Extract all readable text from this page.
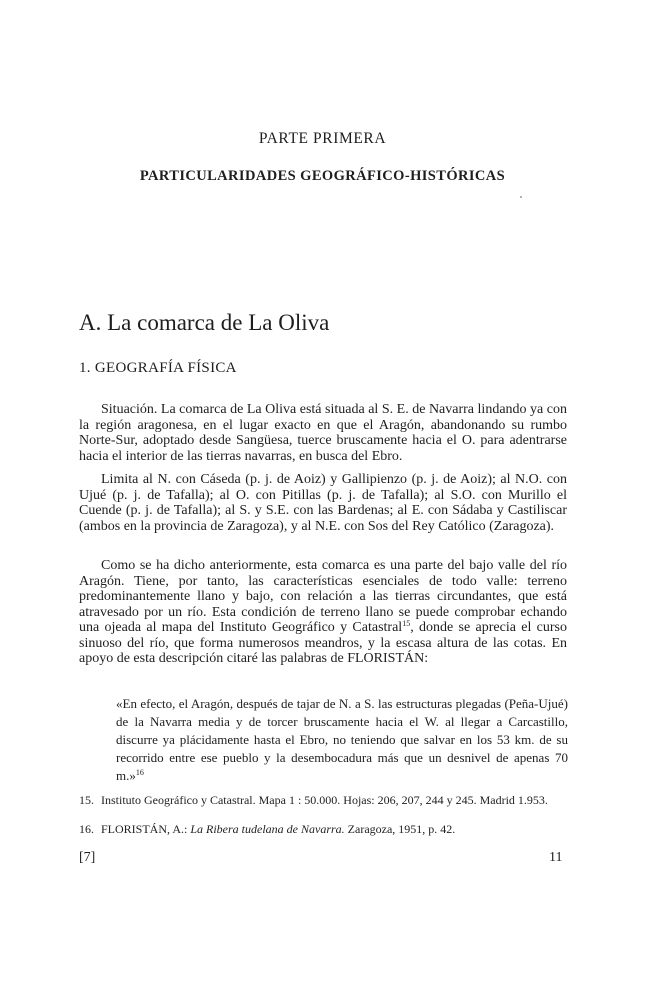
PARTE PRIMERA
PARTICULARIDADES GEOGRÁFICO-HISTÓRICAS
A. La comarca de La Oliva
1. GEOGRAFÍA FÍSICA

Situación. La comarca de La Oliva está situada al S. E. de Navarra lindando ya con la región aragonesa, en el lugar exacto en que el Aragón, abandonando su rumbo Norte-Sur, adoptado desde Sangüesa, tuerce bruscamente hacia el O. para adentrarse hacia el interior de las tierras navarras, en busca del Ebro.

Limita al N. con Cáseda (p. j. de Aoiz) y Gallipienzo (p. j. de Aoiz); al N.O. con Ujué (p. j. de Tafalla); al O. con Pitillas (p. j. de Tafalla); al S.O. con Murillo el Cuende (p. j. de Tafalla); al S. y S.E. con las Bardenas; al E. con Sádaba y Castiliscar (ambos en la provincia de Zaragoza), y al N.E. con Sos del Rey Católico (Zaragoza).

Como se ha dicho anteriormente, esta comarca es una parte del bajo valle del río Aragón. Tiene, por tanto, las características esenciales de todo valle: terreno predominantemente llano y bajo, con relación a las tierras circundantes, que está atravesado por un río. Esta condición de terreno llano se puede comprobar echando una ojeada al mapa del Instituto Geográfico y Catastral$^{15}$, donde se aprecia el curso sinuoso del río, que forma numerosos meandros, y la escasa altura de las cotas. En apoyo de esta descripción citaré las palabras de FLORISTÁN:

«En efecto, el Aragón, después de tajar de N. a S. las estructuras plegadas (Peña-Ujué) de la Navarra media y de torcer bruscamente hacia el W. al llegar a Carcastillo, discurre ya plácidamente hasta el Ebro, no teniendo que salvar en los 53 km. de su recorrido entre ese pueblo y la desembocadura más que un desnivel de apenas 70 m.»$^{16}$

15. Instituto Geográfico y Catastral. Mapa 1 : 50.000. Hojas: 206, 207, 244 y 245. Madrid 1.953.

16. FLORISTÁN, A.: La Ribera tudelana de Navarra. Zaragoza, 1951, p. 42.

[7]	11
